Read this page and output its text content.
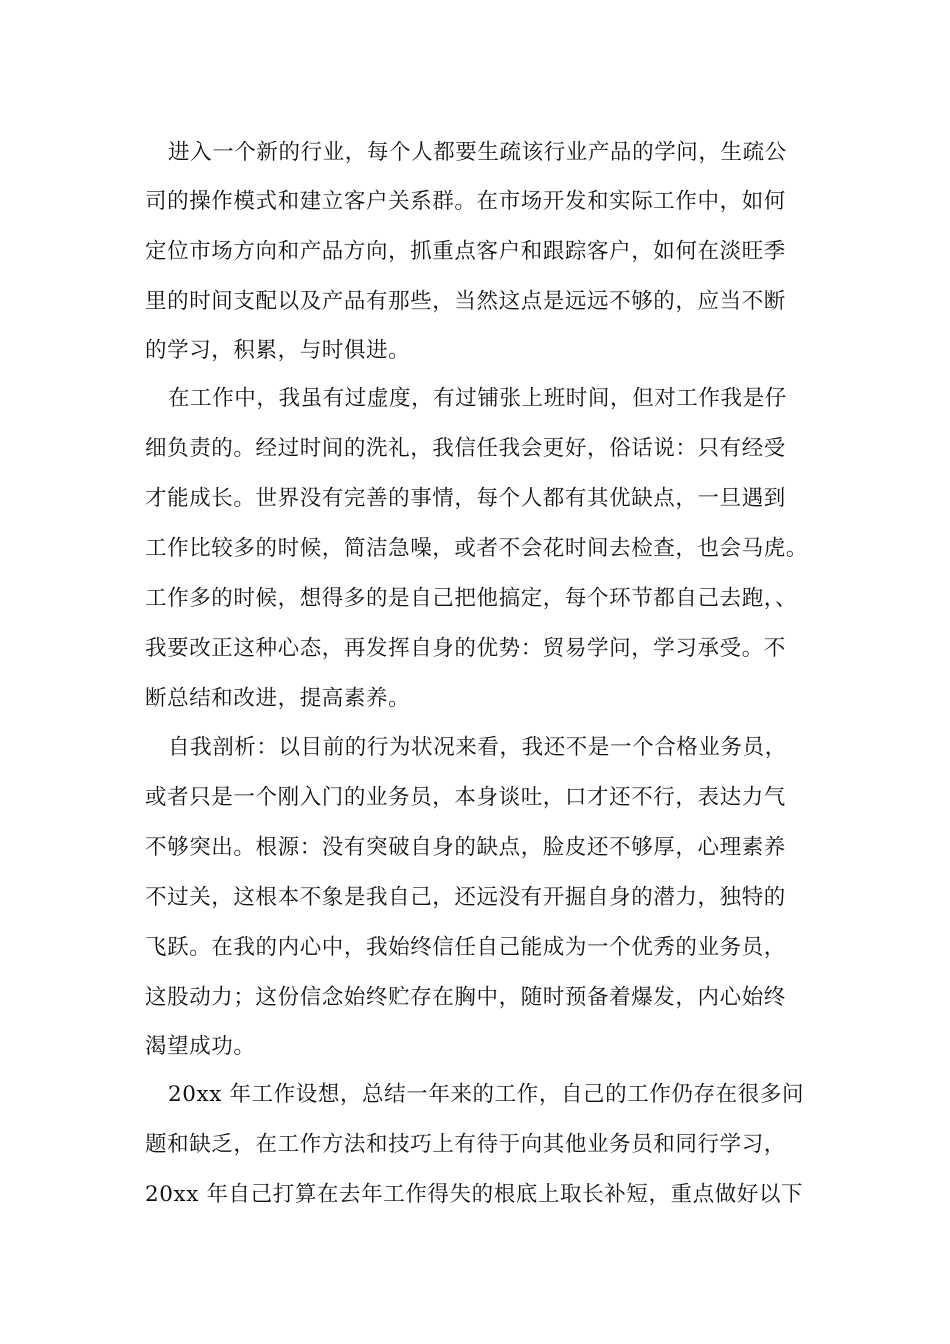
进入一个新的行业，每个人都要生疏该行业产品的学问，生疏公
司的操作模式和建立客户关系群。在市场开发和实际工作中，如何
定位市场方向和产品方向，抓重点客户和跟踪客户，如何在淡旺季
里的时间支配以及产品有那些，当然这点是远远不够的，应当不断
的学习，积累，与时俱进。
在工作中，我虽有过虚度，有过铺张上班时间，但对工作我是仔
细负责的。经过时间的洗礼，我信任我会更好，俗话说：只有经受
才能成长。世界没有完善的事情，每个人都有其优缺点，一旦遇到
工作比较多的时候，简洁急噪，或者不会花时间去检查，也会马虎。
工作多的时候，想得多的是自己把他搞定，每个环节都自己去跑，、
我要改正这种心态，再发挥自身的优势：贸易学问，学习承受。不
断总结和改进，提高素养。
自我剖析：以目前的行为状况来看，我还不是一个合格业务员，
或者只是一个刚入门的业务员，本身谈吐，口才还不行，表达力气
不够突出。根源：没有突破自身的缺点，脸皮还不够厚，心理素养
不过关，这根本不象是我自己，还远没有开掘自身的潜力，独特的
飞跃。在我的内心中，我始终信任自己能成为一个优秀的业务员，
这股动力；这份信念始终贮存在胸中，随时预备着爆发，内心始终
渴望成功。
20xx 年工作设想，总结一年来的工作，自己的工作仍存在很多问
题和缺乏，在工作方法和技巧上有待于向其他业务员和同行学习，
20xx 年自己打算在去年工作得失的根底上取长补短，重点做好以下
